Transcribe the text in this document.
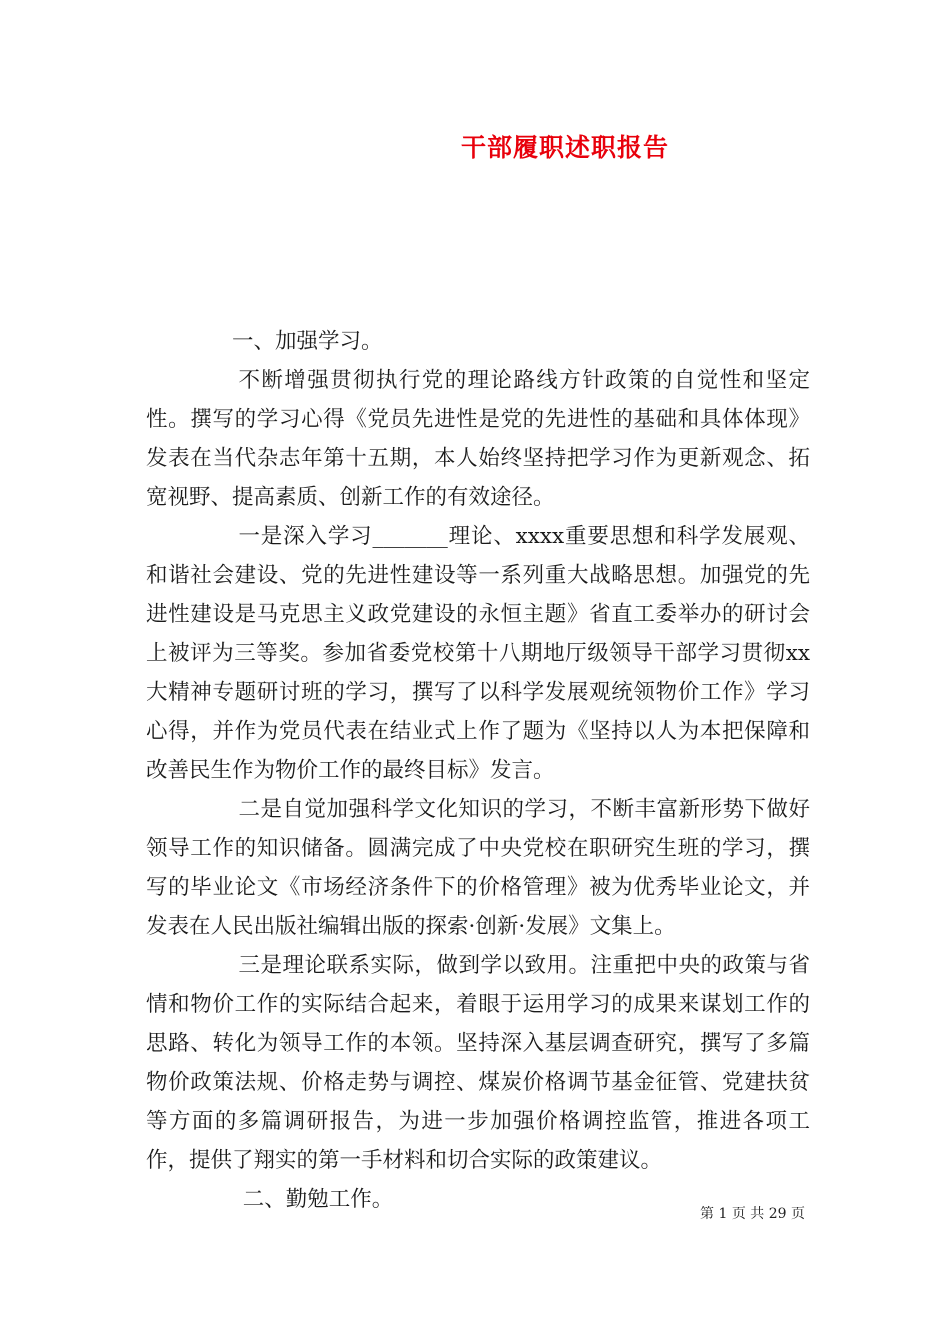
干部履职述职报告

一、加强学习。

不断增强贯彻执行党的理论路线方针政策的自觉性和坚定性。撰写的学习心得《党员先进性是党的先进性的基础和具体体现》发表在当代杂志年第十五期，本人始终坚持把学习作为更新观念、拓宽视野、提高素质、创新工作的有效途径。

一是深入学习_______理论、xxxx重要思想和科学发展观、和谐社会建设、党的先进性建设等一系列重大战略思想。加强党的先进性建设是马克思主义政党建设的永恒主题》省直工委举办的研讨会上被评为三等奖。参加省委党校第十八期地厅级领导干部学习贯彻xx大精神专题研讨班的学习，撰写了以科学发展观统领物价工作》学习心得，并作为党员代表在结业式上作了题为《坚持以人为本把保障和改善民生作为物价工作的最终目标》发言。

二是自觉加强科学文化知识的学习，不断丰富新形势下做好领导工作的知识储备。圆满完成了中央党校在职研究生班的学习，撰写的毕业论文《市场经济条件下的价格管理》被为优秀毕业论文，并发表在人民出版社编辑出版的探索·创新·发展》文集上。

三是理论联系实际，做到学以致用。注重把中央的政策与省情和物价工作的实际结合起来，着眼于运用学习的成果来谋划工作的思路、转化为领导工作的本领。坚持深入基层调查研究，撰写了多篇物价政策法规、价格走势与调控、煤炭价格调节基金征管、党建扶贫等方面的多篇调研报告，为进一步加强价格调控监管，推进各项工作，提供了翔实的第一手材料和切合实际的政策建议。

二、勤勉工作。

第 1 页 共 29 页
